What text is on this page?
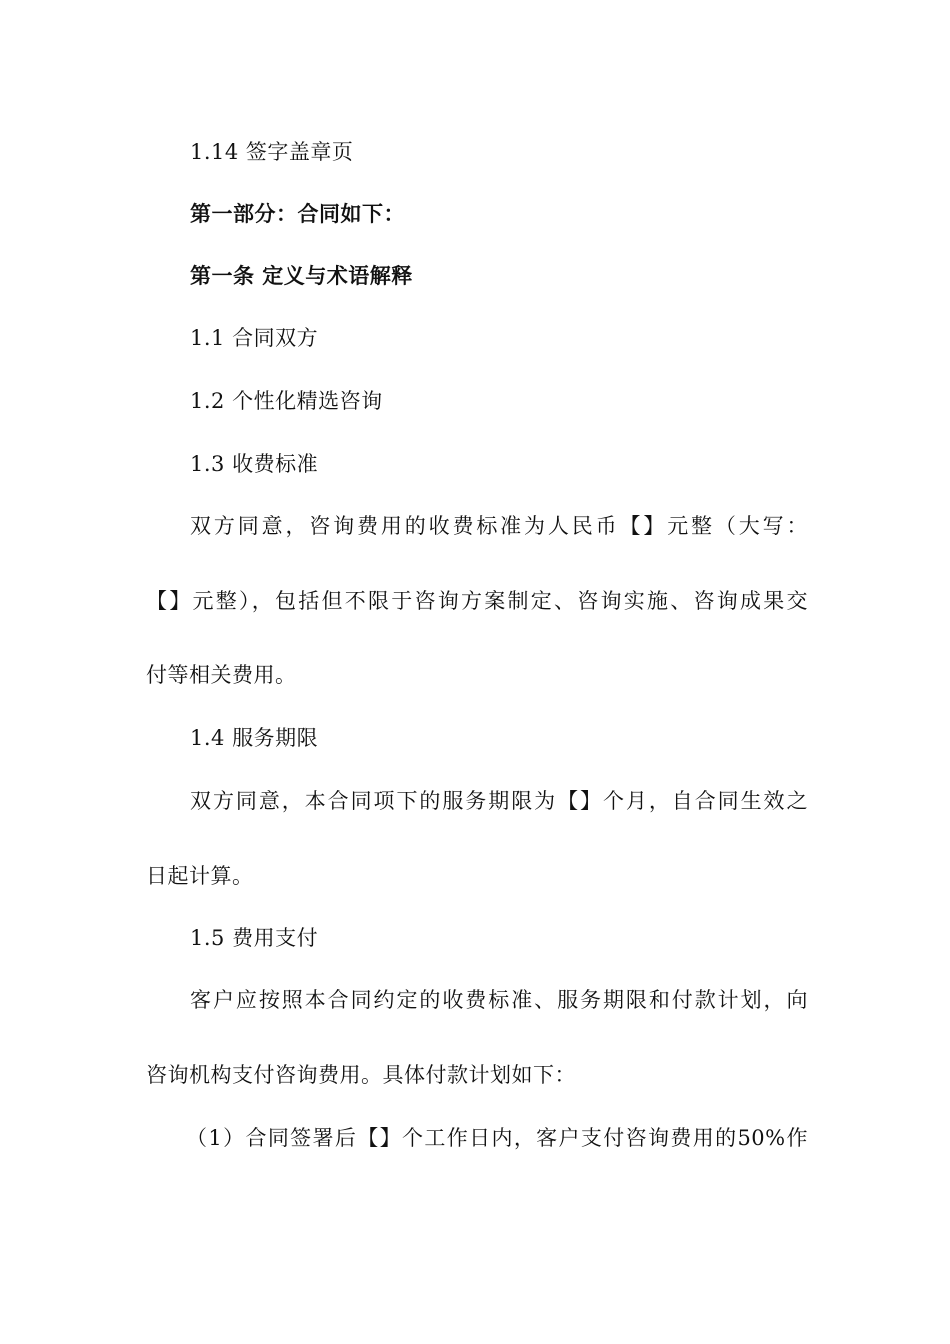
1.14 签字盖章页
第一部分：合同如下：
第一条 定义与术语解释
1.1 合同双方
1.2 个性化精选咨询
1.3 收费标准
双方同意，咨询费用的收费标准为人民币【】元整（大写：
【】元整），包括但不限于咨询方案制定、咨询实施、咨询成果交
付等相关费用。
1.4 服务期限
双方同意，本合同项下的服务期限为【】个月，自合同生效之
日起计算。
1.5 费用支付
客户应按照本合同约定的收费标准、服务期限和付款计划，向
咨询机构支付咨询费用。具体付款计划如下：
（1）合同签署后【】个工作日内，客户支付咨询费用的50%作
